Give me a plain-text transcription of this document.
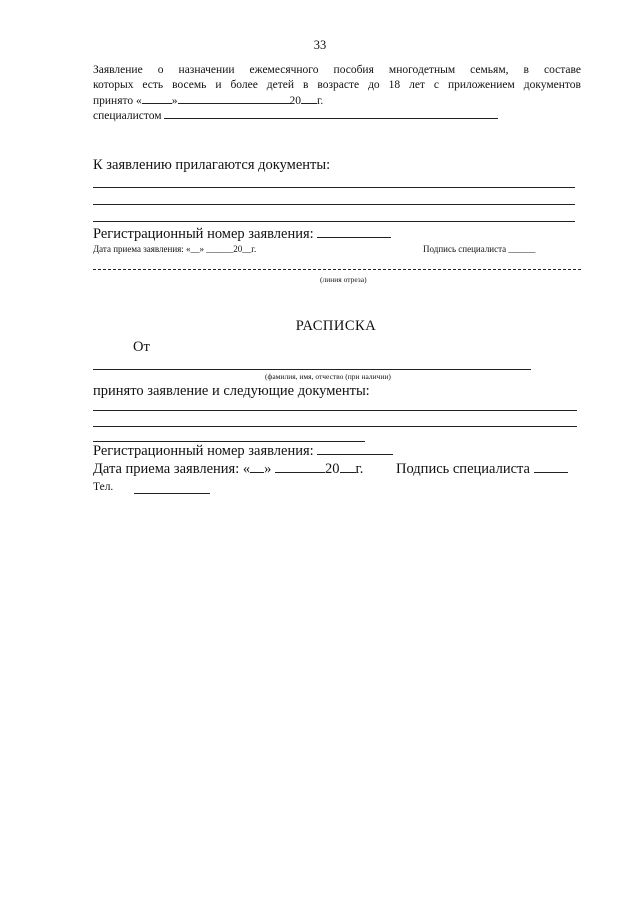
33
Заявление о назначении ежемесячного пособия многодетным семьям, в составе
которых есть восемь и более детей в возрасте до 18 лет с приложением документов
принято «	»	20 г.
специалистом
К заявлению прилагаются документы:
Регистрационный номер заявления:
Дата приема заявления: «__» ______20__г.	Подпись специалиста ______
(линия отреза)
РАСПИСКА
От
(фамилия, имя, отчество (при наличии)
принято заявление и следующие документы:
Регистрационный номер заявления:
Дата приема заявления: « »	20 г. Подпись специалиста
Тел.
